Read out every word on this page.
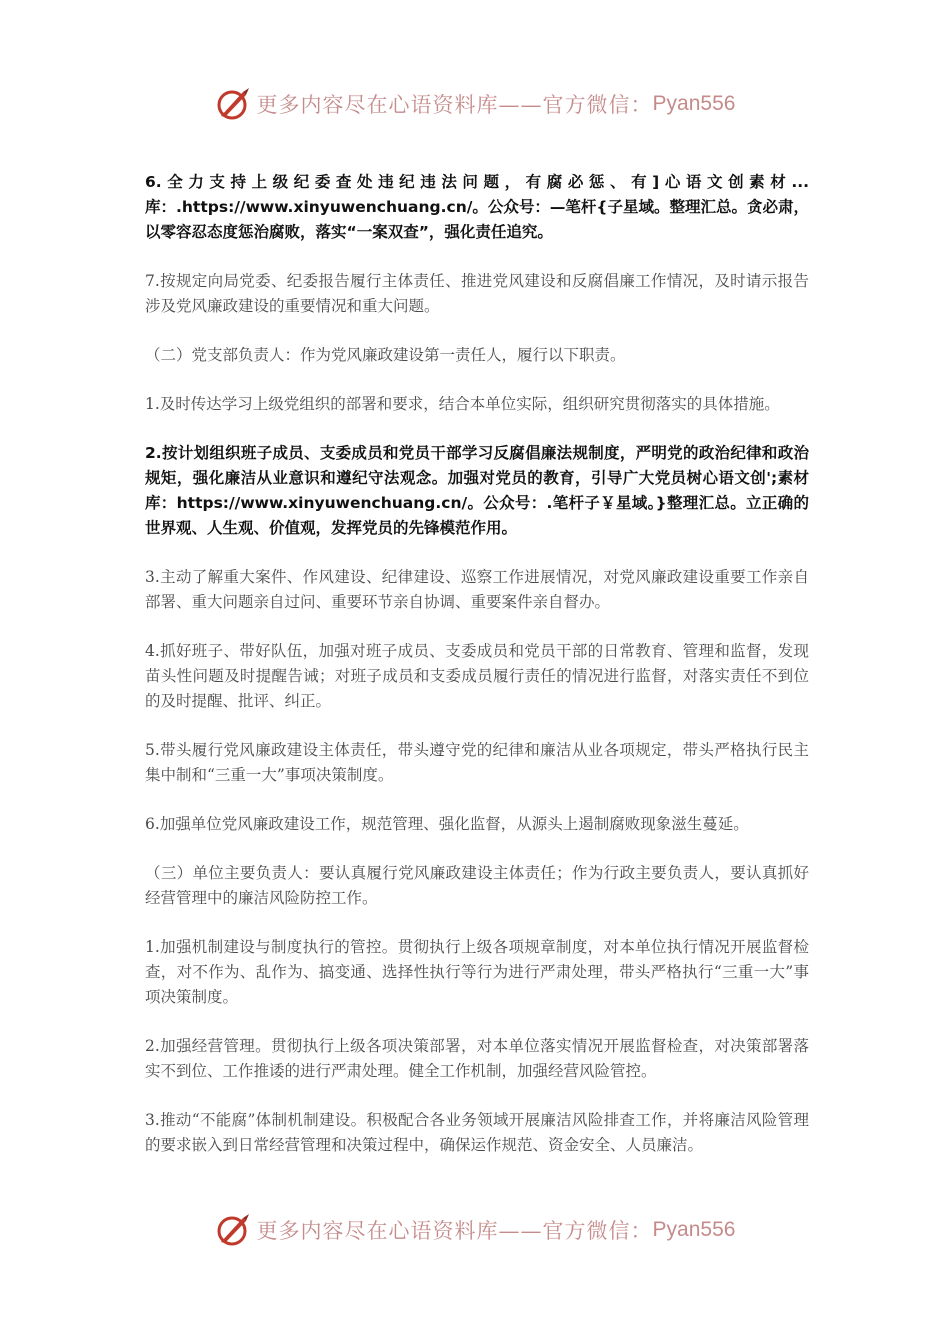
更多内容尽在心语资料库——官方微信： Pyan556

6.全力支持上级纪委查处违纪违法问题，有腐必惩、有]心语文创素材...库：.https://www.xinyuwenchuang.cn/。公众号：—笔杆{子星域。整理汇总。贪必肃，以零容忍态度惩治腐败，落实“一案双查”，强化责任追究。

7.按规定向局党委、纪委报告履行主体责任、推进党风建设和反腐倡廉工作情况，及时请示报告涉及党风廉政建设的重要情况和重大问题。

（二）党支部负责人：作为党风廉政建设第一责任人，履行以下职责。

1.及时传达学习上级党组织的部署和要求，结合本单位实际，组织研究贯彻落实的具体措施。

2.按计划组织班子成员、支委成员和党员干部学习反腐倡廉法规制度，严明党的政治纪律和政治规矩，强化廉洁从业意识和遵纪守法观念。加强对党员的教育，引导广大党员树心语文创';素材库：https://www.xinyuwenchuang.cn/。公众号：.笔杆子￥星域。}整理汇总。立正确的世界观、人生观、价值观，发挥党员的先锋模范作用。

3.主动了解重大案件、作风建设、纪律建设、巡察工作进展情况，对党风廉政建设重要工作亲自部署、重大问题亲自过问、重要环节亲自协调、重要案件亲自督办。

4.抓好班子、带好队伍，加强对班子成员、支委成员和党员干部的日常教育、管理和监督，发现苗头性问题及时提醒告诫；对班子成员和支委成员履行责任的情况进行监督，对落实责任不到位的及时提醒、批评、纠正。

5.带头履行党风廉政建设主体责任，带头遵守党的纪律和廉洁从业各项规定，带头严格执行民主集中制和“三重一大”事项决策制度。

6.加强单位党风廉政建设工作，规范管理、强化监督，从源头上遏制腐败现象滋生蔓延。

（三）单位主要负责人：要认真履行党风廉政建设主体责任；作为行政主要负责人，要认真抓好经营管理中的廉洁风险防控工作。

1.加强机制建设与制度执行的管控。贯彻执行上级各项规章制度，对本单位执行情况开展监督检查，对不作为、乱作为、搞变通、选择性执行等行为进行严肃处理，带头严格执行“三重一大”事项决策制度。

2.加强经营管理。贯彻执行上级各项决策部署，对本单位落实情况开展监督检查，对决策部署落实不到位、工作推诿的进行严肃处理。健全工作机制，加强经营风险管控。

3.推动“不能腐”体制机制建设。积极配合各业务领域开展廉洁风险排查工作，并将廉洁风险管理的要求嵌入到日常经营管理和决策过程中，确保运作规范、资金安全、人员廉洁。

更多内容尽在心语资料库——官方微信： Pyan556
